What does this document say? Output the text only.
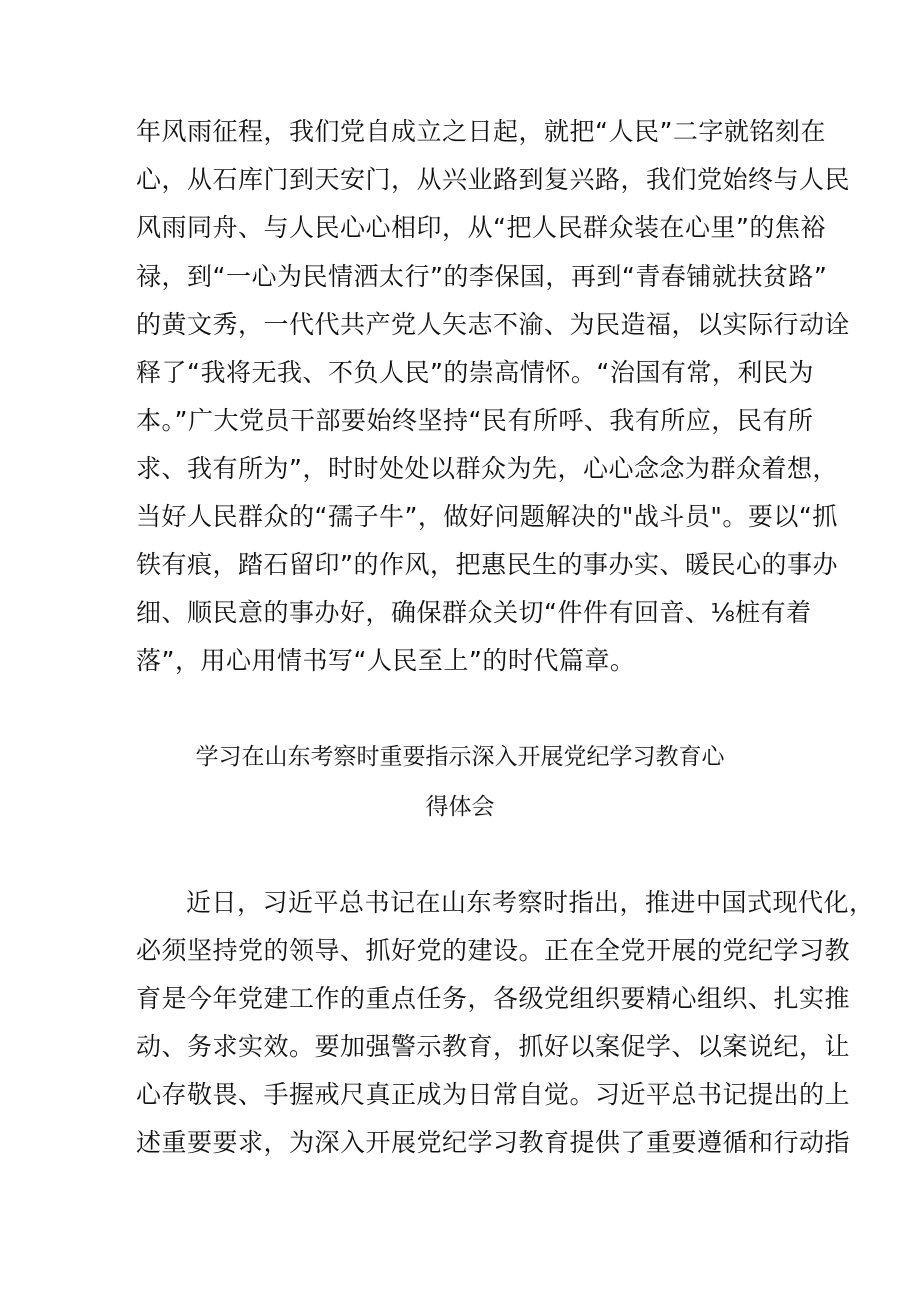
年风雨征程，我们党自成立之日起，就把“人民”二字就铭刻在
心，从石库门到天安门，从兴业路到复兴路，我们党始终与人民
风雨同舟、与人民心心相印，从“把人民群众装在心里”的焦裕
禄，到“一心为民情洒太行”的李保国，再到“青春铺就扶贫路”
的黄文秀，一代代共产党人矢志不渝、为民造福，以实际行动诠
释了“我将无我、不负人民”的崇高情怀。“治国有常，利民为
本。”广大党员干部要始终坚持“民有所呼、我有所应，民有所
求、我有所为”，时时处处以群众为先，心心念念为群众着想，
当好人民群众的“孺子牛”，做好问题解决的"战斗员"。要以“抓
铁有痕，踏石留印”的作风，把惠民生的事办实、暖民心的事办
细、顺民意的事办好，确保群众关切“件件有回音、⅛桩有着
落”，用心用情书写“人民至上”的时代篇章。
学习在山东考察时重要指示深入开展党纪学习教育心
得体会
近日，习近平总书记在山东考察时指出，推进中国式现代化，
必须坚持党的领导、抓好党的建设。正在全党开展的党纪学习教
育是今年党建工作的重点任务，各级党组织要精心组织、扎实推
动、务求实效。要加强警示教育，抓好以案促学、以案说纪，让
心存敬畏、手握戒尺真正成为日常自觉。习近平总书记提出的上
述重要要求，为深入开展党纪学习教育提供了重要遵循和行动指
